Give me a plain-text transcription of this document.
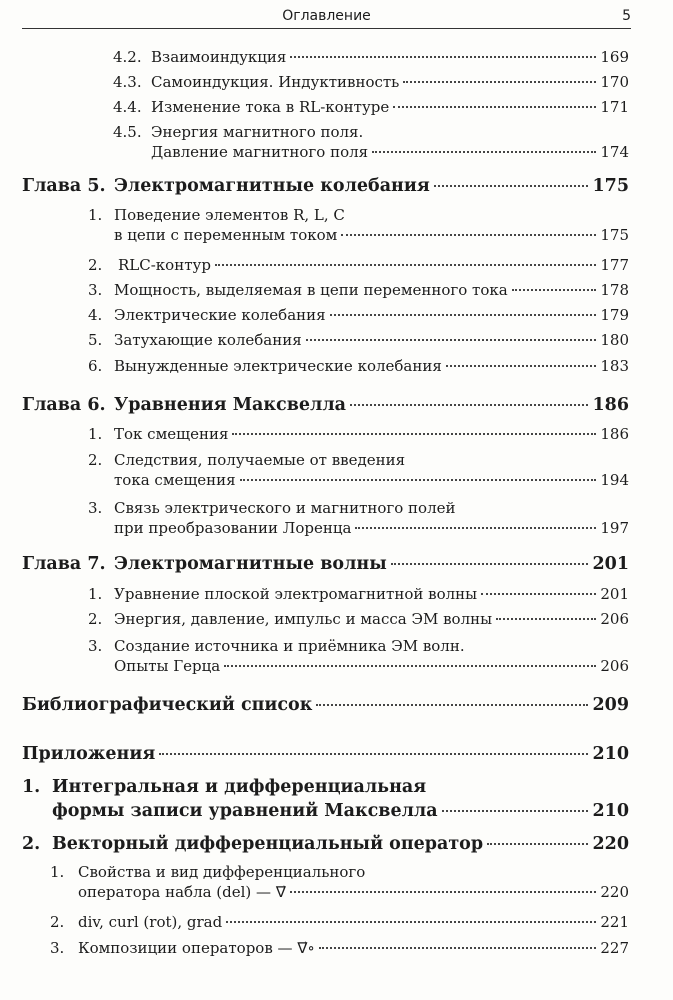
Оглавление	5
4.2. Взаимоиндукция	169
4.3. Самоиндукция. Индуктивность	170
4.4. Изменение тока в RL-контуре	171
4.5. Энергия магнитного поля.
Давление магнитного поля	174
Глава 5. Электромагнитные колебания	175
1. Поведение элементов R, L, C
в цепи с переменным током	175
2.	RLC-контур	177
3. Мощность, выделяемая в цепи переменного тока	178
4. Электрические колебания	179
5. Затухающие колебания	180
6. Вынужденные электрические колебания	183
Глава 6. Уравнения Максвелла	186
1. Ток смещения	186
2. Следствия, получаемые от введения
тока смещения	194
3. Связь электрического и магнитного полей
при преобразовании Лоренца	197
Глава 7. Электромагнитные волны	201
1. Уравнение плоской электромагнитной волны	201
2. Энергия, давление, импульс и масса ЭМ волны	206
3. Создание источника и приёмника ЭМ волн.
Опыты Герца	206
Библиографический список	209
Приложения	210
1. Интегральная и дифференциальная
формы записи уравнений Максвелла	210
2. Векторный дифференциальный оператор	220
1. Свойства и вид дифференциального
оператора набла (del) — ∇⃗	220
2. div, curl (rot), grad	221
3. Композиции операторов — ∇⃗∘	227
